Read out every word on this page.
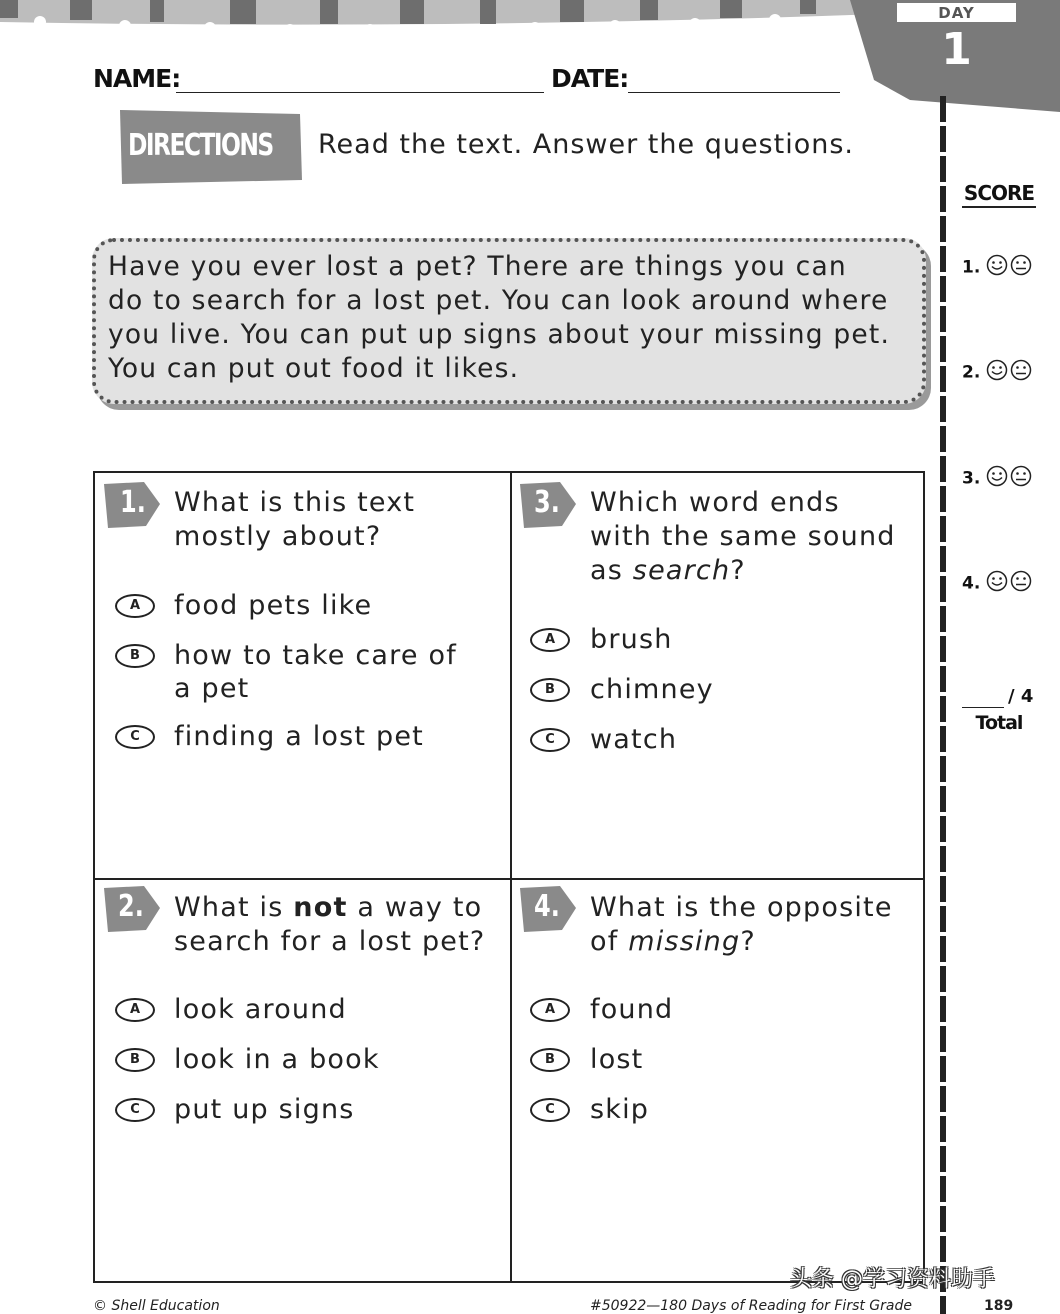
DAY
1
NAME:	DATE:
DIRECTIONS Read the text. Answer the questions.
Have you ever lost a pet? There are things you can
do to search for a lost pet. You can look around where
you live. You can put up signs about your missing pet.
You can put out food it likes.
1. What is this text
mostly about?
A	food pets like
B	how to take care of
a pet
C	finding a lost pet
2. What is not a way to
search for a lost pet?
A	look around
B	look in a book
C	put up signs
3. Which word ends
with the same sound
as search?
A	brush
B	chimney
C	watch
4. What is the opposite
of missing?
A	found
B	lost
C	skip
SCORE
1.
2.
3.
4.
/ 4
Total
© Shell Education	#50922—180 Days of Reading for First Grade	189
头条 @学习资料助手
